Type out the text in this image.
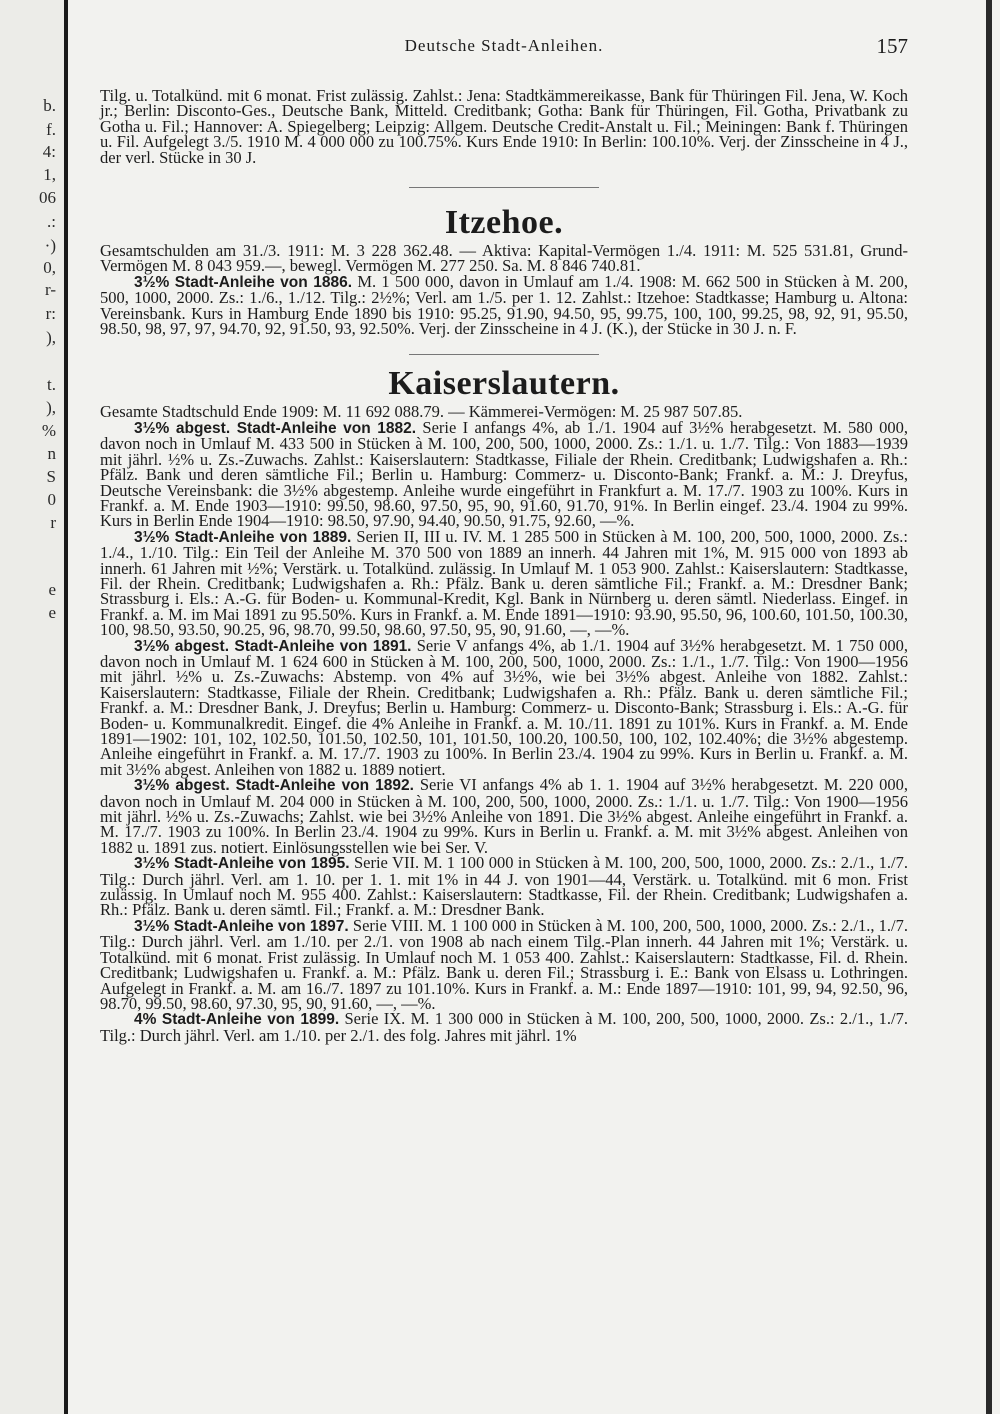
b.
f.
4:
1,
06
.:
·)
0,
r-
r:
),
t.
),
%
n
S
0
r
e
e
Deutsche Stadt-Anleihen.	157

Tilg. u. Totalkünd. mit 6 monat. Frist zulässig. Zahlst.: Jena: Stadtkämmereikasse, Bank für Thüringen Fil. Jena, W. Koch jr.; Berlin: Disconto-Ges., Deutsche Bank, Mitteld. Creditbank; Gotha: Bank für Thüringen, Fil. Gotha, Privatbank zu Gotha u. Fil.; Hannover: A. Spiegelberg; Leipzig: Allgem. Deutsche Credit-Anstalt u. Fil.; Meiningen: Bank f. Thüringen u. Fil. Aufgelegt 3./5. 1910 M. 4 000 000 zu 100.75%. Kurs Ende 1910: In Berlin: 100.10%. Verj. der Zinsscheine in 4 J., der verl. Stücke in 30 J.

Itzehoe.

Gesamtschulden am 31./3. 1911: M. 3 228 362.48. — Aktiva: Kapital-Vermögen 1./4. 1911: M. 525 531.81, Grund-Vermögen M. 8 043 959.—, bewegl. Vermögen M. 277 250. Sa. M. 8 846 740.81.

3½% Stadt-Anleihe von 1886. M. 1 500 000, davon in Umlauf am 1./4. 1908: M. 662 500 in Stücken à M. 200, 500, 1000, 2000. Zs.: 1./6., 1./12. Tilg.: 2½%; Verl. am 1./5. per 1. 12. Zahlst.: Itzehoe: Stadtkasse; Hamburg u. Altona: Vereinsbank. Kurs in Hamburg Ende 1890 bis 1910: 95.25, 91.90, 94.50, 95, 99.75, 100, 100, 99.25, 98, 92, 91, 95.50, 98.50, 98, 97, 97, 94.70, 92, 91.50, 93, 92.50%. Verj. der Zinsscheine in 4 J. (K.), der Stücke in 30 J. n. F.

Kaiserslautern.

Gesamte Stadtschuld Ende 1909: M. 11 692 088.79. — Kämmerei-Vermögen: M. 25 987 507.85.

3½% abgest. Stadt-Anleihe von 1882. Serie I anfangs 4%, ab 1./1. 1904 auf 3½% herabgesetzt. M. 580 000, davon noch in Umlauf M. 433 500 in Stücken à M. 100, 200, 500, 1000, 2000. Zs.: 1./1. u. 1./7. Tilg.: Von 1883—1939 mit jährl. ½% u. Zs.-Zuwachs. Zahlst.: Kaiserslautern: Stadtkasse, Filiale der Rhein. Creditbank; Ludwigshafen a. Rh.: Pfälz. Bank und deren sämtliche Fil.; Berlin u. Hamburg: Commerz- u. Disconto-Bank; Frankf. a. M.: J. Dreyfus, Deutsche Vereinsbank: die 3½% abgestemp. Anleihe wurde eingeführt in Frankfurt a. M. 17./7. 1903 zu 100%. Kurs in Frankf. a. M. Ende 1903—1910: 99.50, 98.60, 97.50, 95, 90, 91.60, 91.70, 91%. In Berlin eingef. 23./4. 1904 zu 99%. Kurs in Berlin Ende 1904—1910: 98.50, 97.90, 94.40, 90.50, 91.75, 92.60, —%.

3½% Stadt-Anleihe von 1889. Serien II, III u. IV. M. 1 285 500 in Stücken à M. 100, 200, 500, 1000, 2000. Zs.: 1./4., 1./10. Tilg.: Ein Teil der Anleihe M. 370 500 von 1889 an innerh. 44 Jahren mit 1%, M. 915 000 von 1893 ab innerh. 61 Jahren mit ½%; Verstärk. u. Totalkünd. zulässig. In Umlauf M. 1 053 900. Zahlst.: Kaiserslautern: Stadtkasse, Fil. der Rhein. Creditbank; Ludwigshafen a. Rh.: Pfälz. Bank u. deren sämtliche Fil.; Frankf. a. M.: Dresdner Bank; Strassburg i. Els.: A.-G. für Boden- u. Kommunal-Kredit, Kgl. Bank in Nürnberg u. deren sämtl. Niederlass. Eingef. in Frankf. a. M. im Mai 1891 zu 95.50%. Kurs in Frankf. a. M. Ende 1891—1910: 93.90, 95.50, 96, 100.60, 101.50, 100.30, 100, 98.50, 93.50, 90.25, 96, 98.70, 99.50, 98.60, 97.50, 95, 90, 91.60, —, —%.

3½% abgest. Stadt-Anleihe von 1891. Serie V anfangs 4%, ab 1./1. 1904 auf 3½% herabgesetzt. M. 1 750 000, davon noch in Umlauf M. 1 624 600 in Stücken à M. 100, 200, 500, 1000, 2000. Zs.: 1./1., 1./7. Tilg.: Von 1900—1956 mit jährl. ½% u. Zs.-Zuwachs: Abstemp. von 4% auf 3½%, wie bei 3½% abgest. Anleihe von 1882. Zahlst.: Kaiserslautern: Stadtkasse, Filiale der Rhein. Creditbank; Ludwigshafen a. Rh.: Pfälz. Bank u. deren sämtliche Fil.; Frankf. a. M.: Dresdner Bank, J. Dreyfus; Berlin u. Hamburg: Commerz- u. Disconto-Bank; Strassburg i. Els.: A.-G. für Boden- u. Kommunalkredit. Eingef. die 4% Anleihe in Frankf. a. M. 10./11. 1891 zu 101%. Kurs in Frankf. a. M. Ende 1891—1902: 101, 102, 102.50, 101.50, 102.50, 101, 101.50, 100.20, 100.50, 100, 102, 102.40%; die 3½% abgestemp. Anleihe eingeführt in Frankf. a. M. 17./7. 1903 zu 100%. In Berlin 23./4. 1904 zu 99%. Kurs in Berlin u. Frankf. a. M. mit 3½% abgest. Anleihen von 1882 u. 1889 notiert.

3½% abgest. Stadt-Anleihe von 1892. Serie VI anfangs 4% ab 1. 1. 1904 auf 3½% herabgesetzt. M. 220 000, davon noch in Umlauf M. 204 000 in Stücken à M. 100, 200, 500, 1000, 2000. Zs.: 1./1. u. 1./7. Tilg.: Von 1900—1956 mit jährl. ½% u. Zs.-Zuwachs; Zahlst. wie bei 3½% Anleihe von 1891. Die 3½% abgest. Anleihe eingeführt in Frankf. a. M. 17./7. 1903 zu 100%. In Berlin 23./4. 1904 zu 99%. Kurs in Berlin u. Frankf. a. M. mit 3½% abgest. Anleihen von 1882 u. 1891 zus. notiert. Einlösungsstellen wie bei Ser. V.

3½% Stadt-Anleihe von 1895. Serie VII. M. 1 100 000 in Stücken à M. 100, 200, 500, 1000, 2000. Zs.: 2./1., 1./7. Tilg.: Durch jährl. Verl. am 1. 10. per 1. 1. mit 1% in 44 J. von 1901—44, Verstärk. u. Totalkünd. mit 6 mon. Frist zulässig. In Umlauf noch M. 955 400. Zahlst.: Kaiserslautern: Stadtkasse, Fil. der Rhein. Creditbank; Ludwigshafen a. Rh.: Pfälz. Bank u. deren sämtl. Fil.; Frankf. a. M.: Dresdner Bank.

3½% Stadt-Anleihe von 1897. Serie VIII. M. 1 100 000 in Stücken à M. 100, 200, 500, 1000, 2000. Zs.: 2./1., 1./7. Tilg.: Durch jährl. Verl. am 1./10. per 2./1. von 1908 ab nach einem Tilg.-Plan innerh. 44 Jahren mit 1%; Verstärk. u. Totalkünd. mit 6 monat. Frist zulässig. In Umlauf noch M. 1 053 400. Zahlst.: Kaiserslautern: Stadtkasse, Fil. d. Rhein. Creditbank; Ludwigshafen u. Frankf. a. M.: Pfälz. Bank u. deren Fil.; Strassburg i. E.: Bank von Elsass u. Lothringen. Aufgelegt in Frankf. a. M. am 16./7. 1897 zu 101.10%. Kurs in Frankf. a. M.: Ende 1897—1910: 101, 99, 94, 92.50, 96, 98.70, 99.50, 98.60, 97.30, 95, 90, 91.60, —, —%.

4% Stadt-Anleihe von 1899. Serie IX. M. 1 300 000 in Stücken à M. 100, 200, 500, 1000, 2000. Zs.: 2./1., 1./7. Tilg.: Durch jährl. Verl. am 1./10. per 2./1. des folg. Jahres mit jährl. 1%
